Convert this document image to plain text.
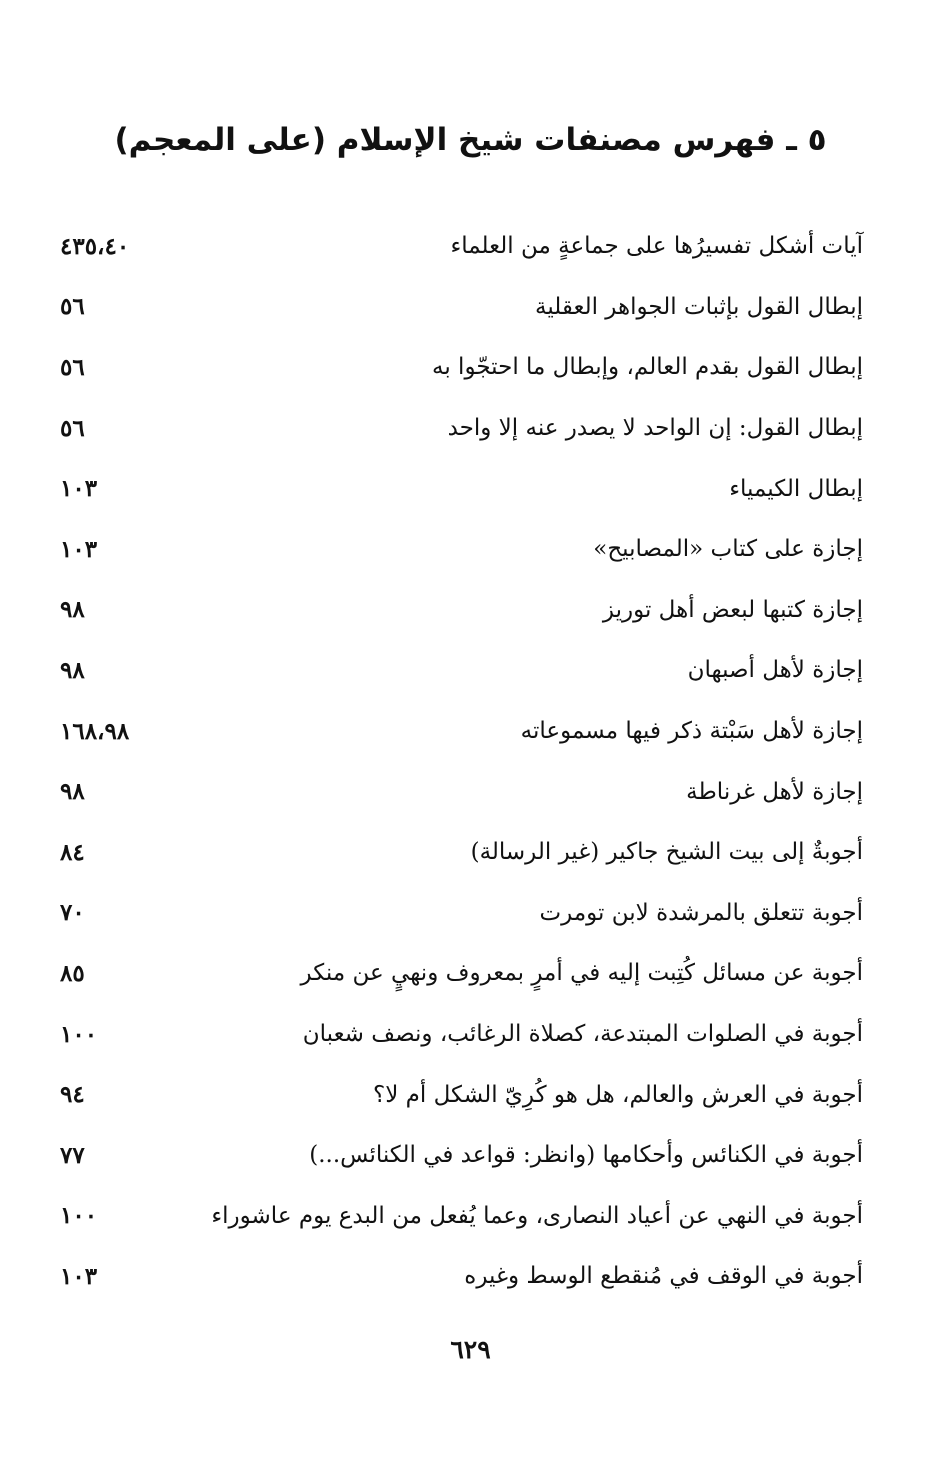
٥ ـ فهرس مصنفات شيخ الإسلام (على المعجم)
آيات أشكل تفسيرُها على جماعةٍ من العلماء
٤٣٥،٤٠
إبطال القول بإثبات الجواهر العقلية
٥٦
إبطال القول بقدم العالم، وإبطال ما احتجّوا به
٥٦
إبطال القول: إن الواحد لا يصدر عنه إلا واحد
٥٦
إبطال الكيمياء
١٠٣
إجازة على كتاب «المصابيح»
١٠٣
إجازة كتبها لبعض أهل توريز
٩٨
إجازة لأهل أصبهان
٩٨
إجازة لأهل سَبْتة ذكر فيها مسموعاته
١٦٨،٩٨
إجازة لأهل غرناطة
٩٨
أجوبةٌ إلى بيت الشيخ جاكير (غير الرسالة)
٨٤
أجوبة تتعلق بالمرشدة لابن تومرت
٧٠
أجوبة عن مسائل كُتِبت إليه في أمرٍ بمعروف ونهيٍ عن منكر
٨٥
أجوبة في الصلوات المبتدعة، كصلاة الرغائب، ونصف شعبان
١٠٠
أجوبة في العرش والعالم، هل هو كُرِيّ الشكل أم لا؟
٩٤
أجوبة في الكنائس وأحكامها (وانظر: قواعد في الكنائس...)
٧٧
أجوبة في النهي عن أعياد النصارى، وعما يُفعل من البدع يوم عاشوراء
١٠٠
أجوبة في الوقف في مُنقطع الوسط وغيره
١٠٣
٦٢٩
